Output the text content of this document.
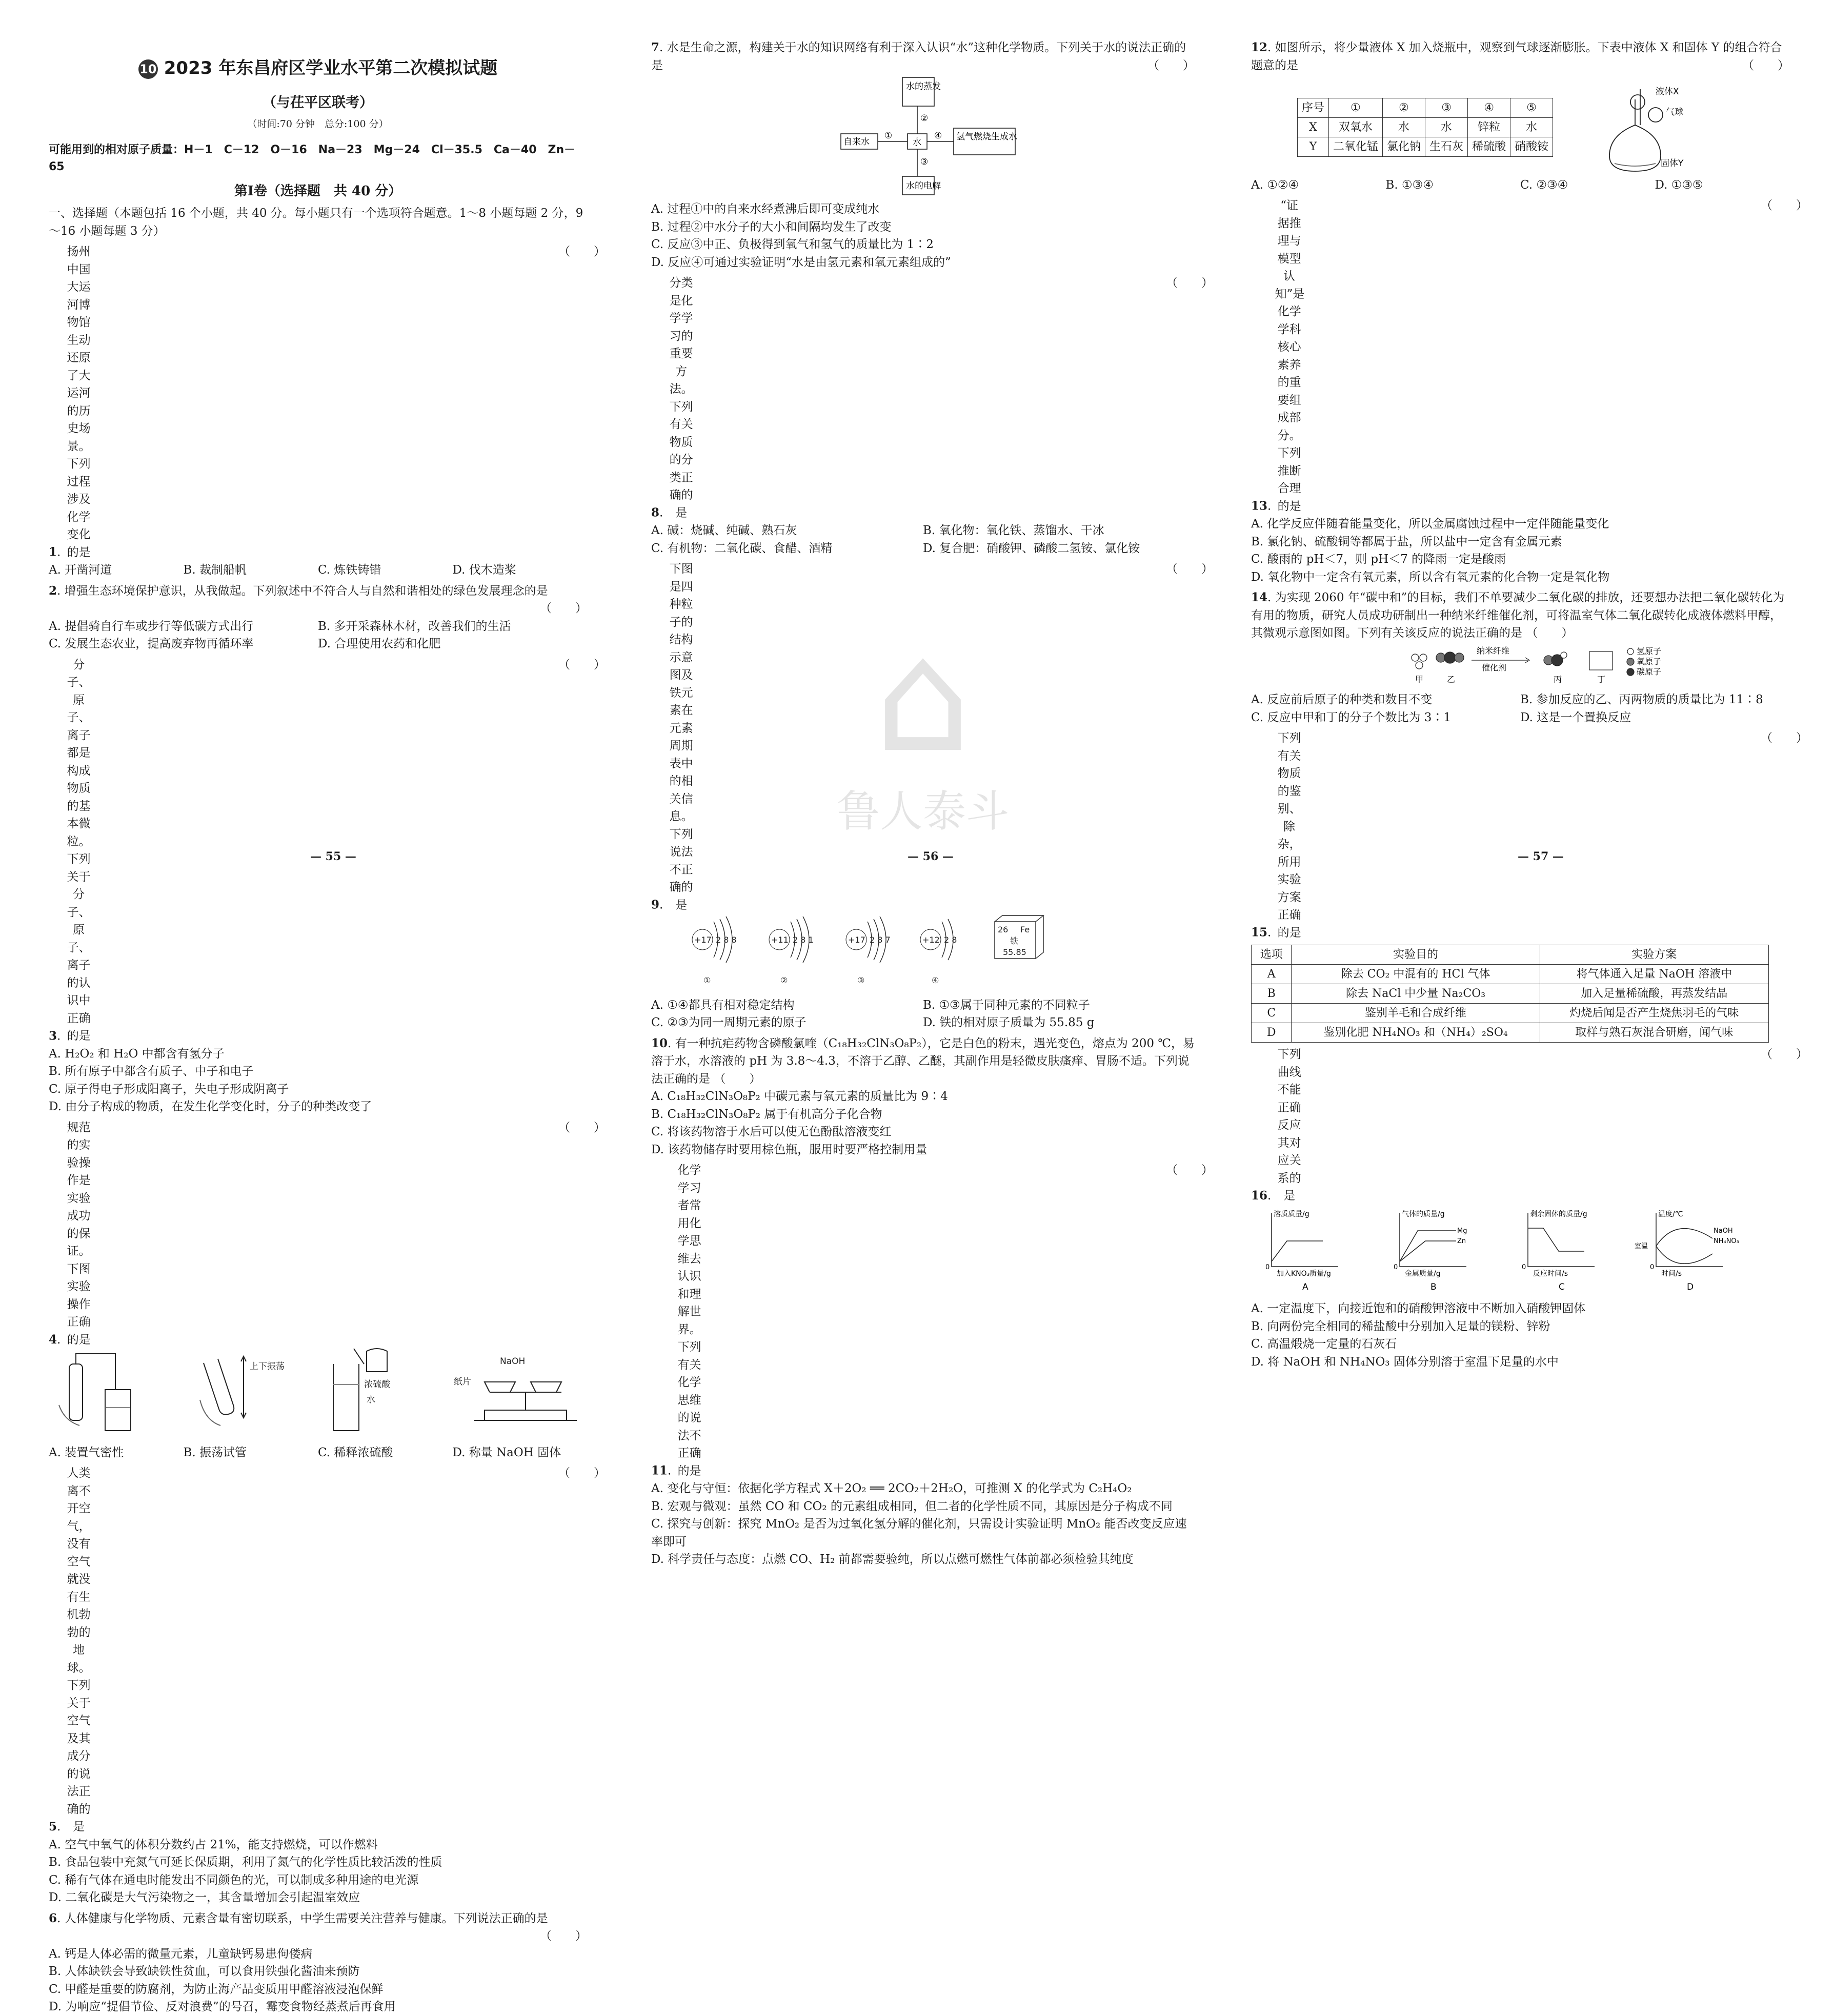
10 2023 年东昌府区学业水平第二次模拟试题
（与茌平区联考）
（时间:70 分钟　总分:100 分）
可能用到的相对原子质量：H－1　C－12　O－16　Na－23　Mg－24　Cl－35.5　Ca－40　Zn－65
第Ⅰ卷（选择题　共 40 分）

一、选择题（本题包括 16 个小题，共 40 分。每小题只有一个选项符合题意。1～8 小题每题 2 分，9～16 小题每题 3 分）

1. 扬州中国大运河博物馆生动还原了大运河的历史场景。下列过程涉及化学变化的是

（　　）
A. 开凿河道	B. 裁制船帆	C. 炼铁铸错	D. 伐木造桨

2. 增强生态环境保护意识，从我做起。下列叙述中不符合人与自然和谐相处的绿色发展理念的是

（　　）
A. 提倡骑自行车或步行等低碳方式出行	B. 多开采森林木材，改善我们的生活
C. 发展生态农业，提高废弃物再循环率	D. 合理使用农药和化肥

3. 分子、原子、离子都是构成物质的基本微粒。下列关于分子、原子、离子的认识中正确的是

（　　）

A. H₂O₂ 和 H₂O 中都含有氢分子

B. 所有原子中都含有质子、中子和电子

C. 原子得电子形成阳离子，失电子形成阴离子

D. 由分子构成的物质，在发生化学变化时，分子的种类改变了

4. 规范的实验操作是实验成功的保证。下图实验操作正确的是

（　　）
上下振荡
浓硫酸
水
NaOH
纸片
A. 装置气密性	B. 振荡试管	C. 稀释浓硫酸	D. 称量 NaOH 固体

5. 人类离不开空气，没有空气就没有生机勃勃的地球。下列关于空气及其成分的说法正确的是

（　　）

A. 空气中氧气的体积分数约占 21%，能支持燃烧，可以作燃料

B. 食品包装中充氮气可延长保质期，利用了氮气的化学性质比较活泼的性质

C. 稀有气体在通电时能发出不同颜色的光，可以制成多种用途的电光源

D. 二氧化碳是大气污染物之一，其含量增加会引起温室效应

6. 人体健康与化学物质、元素含量有密切联系，中学生需要关注营养与健康。下列说法正确的是

（　　）

A. 钙是人体必需的微量元素，儿童缺钙易患佝偻病

B. 人体缺铁会导致缺铁性贫血，可以食用铁强化酱油来预防

C. 甲醛是重要的防腐剂，为防止海产品变质用甲醛溶液浸泡保鲜

D. 为响应“提倡节俭、反对浪费”的号召，霉变食物经蒸煮后再食用

— 55 —

7. 水是生命之源，构建关于水的知识网络有利于深入认识“水”这种化学物质。下列关于水的说法正确的是	（　　）
水的蒸发
自来水	水
氢气燃烧生成水
水的电解
②
①
③
④

A. 过程①中的自来水经煮沸后即可变成纯水

B. 过程②中水分子的大小和间隔均发生了改变

C. 反应③中正、负极得到氧气和氢气的质量比为 1∶2

D. 反应④可通过实验证明“水是由氢元素和氧元素组成的”

8. 分类是化学学习的重要方法。下列有关物质的分类正确的是

（　　）
A. 碱：烧碱、纯碱、熟石灰	B. 氧化物：氧化铁、蒸馏水、干冰
C. 有机物：二氧化碳、食醋、酒精	D. 复合肥：硝酸钾、磷酸二氢铵、氯化铵

9. 下图是四种粒子的结构示意图及铁元素在元素周期表中的相关信息。下列说法不正确的是

（　　）
+17 2 8 8	+11 2 8 1	+17 2 8 7	+12 2 8
26 Fe
铁
55.85
①	②	③	④
A. ①④都具有相对稳定结构	B. ①③属于同种元素的不同粒子
C. ②③为同一周期元素的原子	D. 铁的相对原子质量为 55.85 g

10. 有一种抗疟药物含磷酸氯喹（C₁₈H₃₂ClN₃O₈P₂），它是白色的粉末，遇光变色，熔点为 200 ℃，易溶于水，水溶液的 pH 为 3.8～4.3，不溶于乙醇、乙醚，其副作用是轻微皮肤瘙痒、胃肠不适。下列说法正确的是 （　　）

A. C₁₈H₃₂ClN₃O₈P₂ 中碳元素与氧元素的质量比为 9∶4

B. C₁₈H₃₂ClN₃O₈P₂ 属于有机高分子化合物

C. 将该药物溶于水后可以使无色酚酞溶液变红

D. 该药物储存时要用棕色瓶，服用时要严格控制用量

11. 化学学习者常用化学思维去认识和理解世界。下列有关化学思维的说法不正确的是

（　　）

A. 变化与守恒：依据化学方程式 X＋2O₂ ══ 2CO₂＋2H₂O，可推测 X 的化学式为 C₂H₄O₂

B. 宏观与微观：虽然 CO 和 CO₂ 的元素组成相同，但二者的化学性质不同，其原因是分子构成不同

C. 探究与创新：探究 MnO₂ 是否为过氧化氢分解的催化剂，只需设计实验证明 MnO₂ 能否改变反应速率即可

D. 科学责任与态度：点燃 CO、H₂ 前都需要验纯，所以点燃可燃性气体前都必须检验其纯度

— 56 —

12. 如图所示，将少量液体 X 加入烧瓶中，观察到气球逐渐膨胀。下表中液体 X 和固体 Y 的组合符合题意的是	（　　）
序号	①	②	③	④	⑤
X	双氧水	水	水	锌粒	水
Y	二氧化锰	氯化钠	生石灰	稀硫酸	硝酸铵
液体X
气球
固体Y
A. ①②④	B. ①③④	C. ②③④	D. ①③⑤

13. “证据推理与模型认知”是化学学科核心素养的重要组成部分。下列推断合理的是

（　　）

A. 化学反应伴随着能量变化，所以金属腐蚀过程中一定伴随能量变化

B. 氯化钠、硫酸铜等都属于盐，所以盐中一定含有金属元素

C. 酸雨的 pH＜7，则 pH＜7 的降雨一定是酸雨

D. 氧化物中一定含有氧元素，所以含有氧元素的化合物一定是氧化物

14. 为实现 2060 年“碳中和”的目标，我们不单要减少二氧化碳的排放，还要想办法把二氧化碳转化为有用的物质，研究人员成功研制出一种纳米纤维催化剂，可将温室气体二氧化碳转化成液体燃料甲醇，其微观示意图如图。下列有关该反应的说法正确的是 （　　）

纳米纤维
催化剂
甲	乙	丙	丁
氢原子
氧原子
碳原子
A. 反应前后原子的种类和数目不变	B. 参加反应的乙、丙两物质的质量比为 11∶8
C. 反应中甲和丁的分子个数比为 3∶1	D. 这是一个置换反应

15. 下列有关物质的鉴别、除杂，所用实验方案正确的是

（　　）
选项	实验目的	实验方案
A	除去 CO₂ 中混有的 HCl 气体	将气体通入足量 NaOH 溶液中
B	除去 NaCl 中少量 Na₂CO₃	加入足量稀硫酸，再蒸发结晶
C	鉴别羊毛和合成纤维	灼烧后闻是否产生烧焦羽毛的气味
D	鉴别化肥 NH₄NO₃ 和（NH₄）₂SO₄	取样与熟石灰混合研磨，闻气味

16. 下列曲线不能正确反应其对应关系的是

（　　）
溶质质量/g
加入KNO₃质量/g
0
A
气体的质量/g
金属质量/g
0
B
Mg
Zn
剩余固体的质量/g
反应时间/s
0
C
温度/℃
时间/s
0
D
NaOH
NH₄NO₃
室温

A. 一定温度下，向接近饱和的硝酸钾溶液中不断加入硝酸钾固体

B. 向两份完全相同的稀盐酸中分别加入足量的镁粉、锌粉

C. 高温煅烧一定量的石灰石

D. 将 NaOH 和 NH₄NO₃ 固体分别溶于室温下足量的水中

— 57 —
⌂
鲁人泰斗
